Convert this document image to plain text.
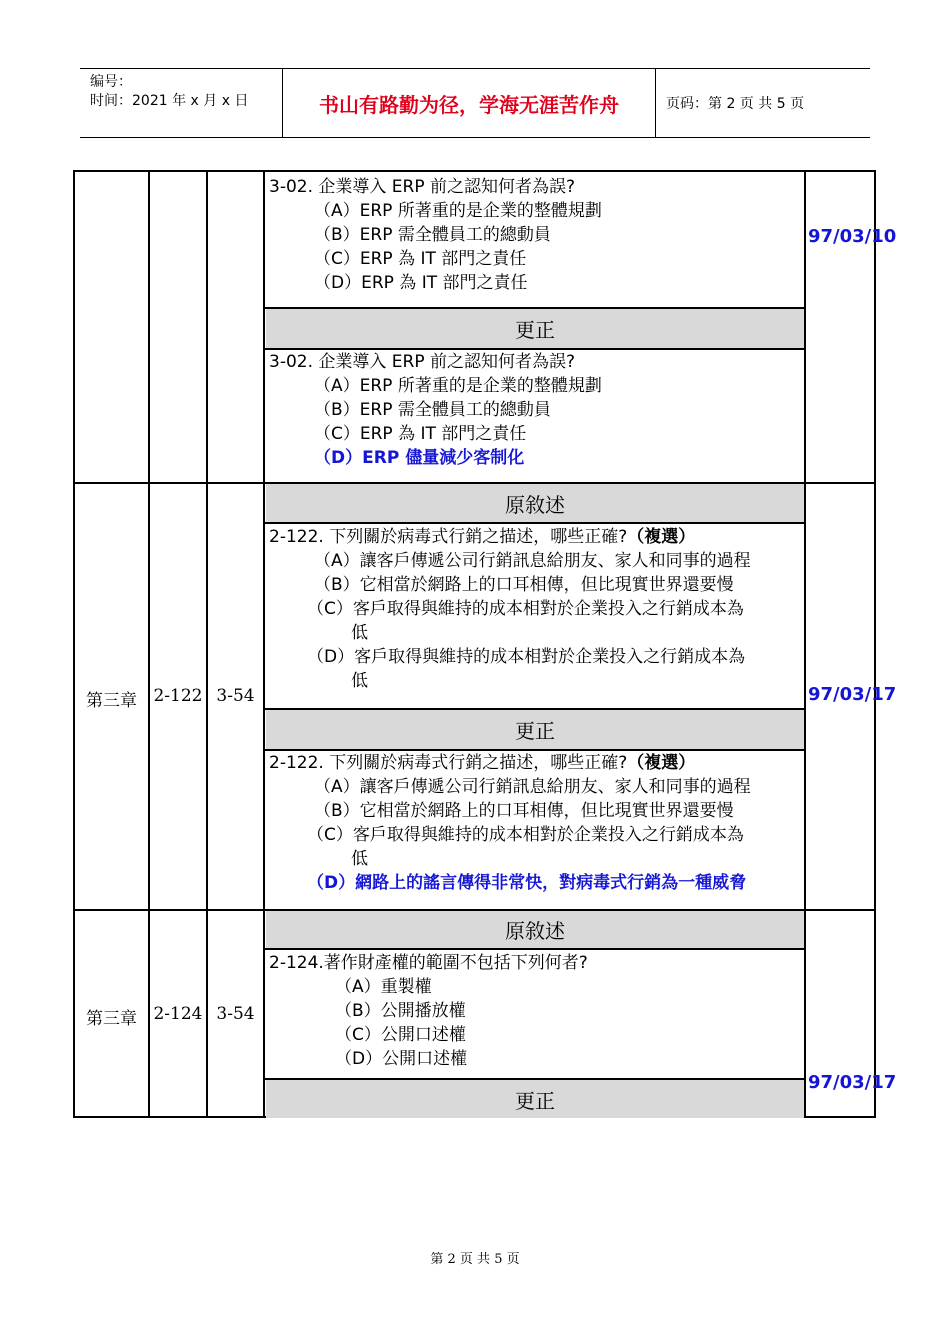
编号：
时间：2021 年 x 月 x 日	书山有路勤为径，学海无涯苦作舟	页码：第 2 页 共 5 页
更正
原敘述
更正
原敘述
更正
3-02. 企業導入 ERP 前之認知何者為誤?
（A）ERP 所著重的是企業的整體規劃
（B）ERP 需全體員工的總動員
（C）ERP 為 IT 部門之責任
（D）ERP 為 IT 部門之責任
3-02. 企業導入 ERP 前之認知何者為誤?
（A）ERP 所著重的是企業的整體規劃
（B）ERP 需全體員工的總動員
（C）ERP 為 IT 部門之責任
（D）ERP 儘量減少客制化
97/03/10
第三章 2-122 3-54
2-122. 下列關於病毒式行銷之描述，哪些正確?（複選）
（A）讓客戶傳遞公司行銷訊息給朋友、家人和同事的過程
（B）它相當於網路上的口耳相傳，但比現實世界還要慢
（C）客戶取得與維持的成本相對於企業投入之行銷成本為
低
（D）客戶取得與維持的成本相對於企業投入之行銷成本為
低
2-122. 下列關於病毒式行銷之描述，哪些正確?（複選）
（A）讓客戶傳遞公司行銷訊息給朋友、家人和同事的過程
（B）它相當於網路上的口耳相傳，但比現實世界還要慢
（C）客戶取得與維持的成本相對於企業投入之行銷成本為
低
（D）網路上的謠言傳得非常快，對病毒式行銷為一種威脅
97/03/17
第三章 2-124 3-54
2-124.著作財產權的範圍不包括下列何者?
（A）重製權
（B）公開播放權
（C）公開口述權
（D）公開口述權
97/03/17
第 2 页 共 5 页
